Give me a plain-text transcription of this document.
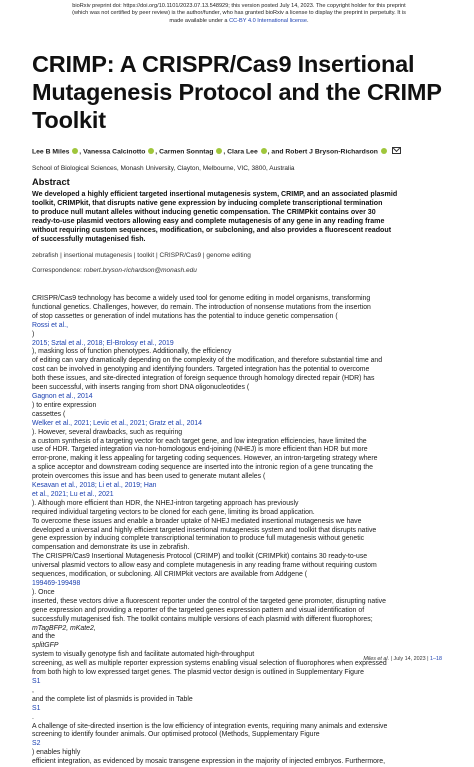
bioRxiv preprint doi: https://doi.org/10.1101/2023.07.13.548929; this version posted July 14, 2023. The copyright holder for this preprint
(which was not certified by peer review) is the author/funder, who has granted bioRxiv a license to display the preprint in perpetuity. It is
made available under a CC-BY 4.0 International license.
CRIMP: A CRISPR/Cas9 Insertional
Mutagenesis Protocol and the CRIMP
Toolkit
Lee B Miles , Vanessa Calcinotto , Carmen Sonntag , Clara Lee , and Robert J Bryson-Richardson
School of Biological Sciences, Monash University, Clayton, Melbourne, VIC, 3800, Australia
Abstract
We developed a highly efficient targeted insertional mutagenesis system, CRIMP, and an associated plasmid
toolkit, CRIMPkit, that disrupts native gene expression by inducing complete transcriptional termination
to produce null mutant alleles without inducing genetic compensation. The CRIMPkit contains over 30
ready-to-use plasmid vectors allowing easy and complete mutagenesis of any gene in any reading frame
without requiring custom sequences, modification, or subcloning, and also provides a fluorescent readout
of successfully mutagenised fish.
zebrafish | insertional mutagenesis | toolkit | CRISPR/Cas9 | genome editing
Correspondence: robert.bryson-richardson@monash.edu
CRISPR/Cas9 technology has become a widely used tool for genome editing in model organisms, transforming
functional genetics. Challenges, however, do remain. The introduction of nonsense mutations from the insertion
of stop cassettes or generation of indel mutations has the potential to induce genetic compensation (
Rossi et al.,
)
2015; Sztal et al., 2018; El-Brolosy et al., 2019
), masking loss of function phenotypes. Additionally, the efficiency
of editing can vary dramatically depending on the complexity of the modification, and therefore substantial time and
cost can be involved in genotyping and identifying founders. Targeted integration has the potential to overcome
both these issues, and site-directed integration of foreign sequence through homology directed repair (HDR) has
been successful, with inserts ranging from short DNA oligonucleotides (
Gagnon et al., 2014
) to entire expression
cassettes (
Welker et al., 2021; Levic et al., 2021; Gratz et al., 2014
). However, several drawbacks, such as requiring
a custom synthesis of a targeting vector for each target gene, and low integration efficiencies, have limited the
use of HDR. Targeted integration via non-homologous end-joining (NHEJ) is more efficient than HDR but more
error-prone, making it less appealing for targeting coding sequences. However, an intron-targeting strategy where
a splice acceptor and downstream coding sequence are inserted into the intronic region of a gene truncating the
protein overcomes this issue and has been used to generate mutant alleles (
Kesavan et al., 2018; Li et al., 2019; Han
et al., 2021; Lu et al., 2021
). Although more efficient than HDR, the NHEJ-intron targeting approach has previously
required individual targeting vectors to be cloned for each gene, limiting its broad application.
To overcome these issues and enable a broader uptake of NHEJ mediated insertional mutagenesis we have
developed a universal and highly efficient targeted insertional mutagenesis system and toolkit that disrupts native
gene expression by inducing complete transcriptional termination to produce full mutagenesis without genetic
compensation and demonstrate its use in zebrafish.
The CRISPR/Cas9 Insertional Mutagenesis Protocol (CRIMP) and toolkit (CRIMPkit) contains 30 ready-to-use
universal plasmid vectors to allow easy and complete mutagenesis in any reading frame without requiring custom
sequences, modification, or subcloning. All CRIMPkit vectors are available from Addgene (
199469-199498
). Once
inserted, these vectors drive a fluorescent reporter under the control of the targeted gene promoter, disrupting native
gene expression and providing a reporter of the targeted genes expression pattern and visual identification of
successfully mutagenised fish. The toolkit contains multiple versions of each plasmid with different fluorophores;
mTagBFP2, mKate2,
and the
splitGFP
system to visually genotype fish and facilitate automated high-throughput
screening, as well as multiple reporter expression systems enabling visual selection of fluorophores when expressed
from both high to low expressed target genes. The plasmid vector design is outlined in Supplementary Figure
S1
,
and the complete list of plasmids is provided in Table
S1
.
A challenge of site-directed insertion is the low efficiency of integration events, requiring many animals and extensive
screening to identify founder animals. Our optimised protocol (Methods, Supplementary Figure
S2
) enables highly
efficient integration, as evidenced by mosaic transgene expression in the majority of injected embryos. Furthermore,
Miles et al. | July 14, 2023 | 1–18
